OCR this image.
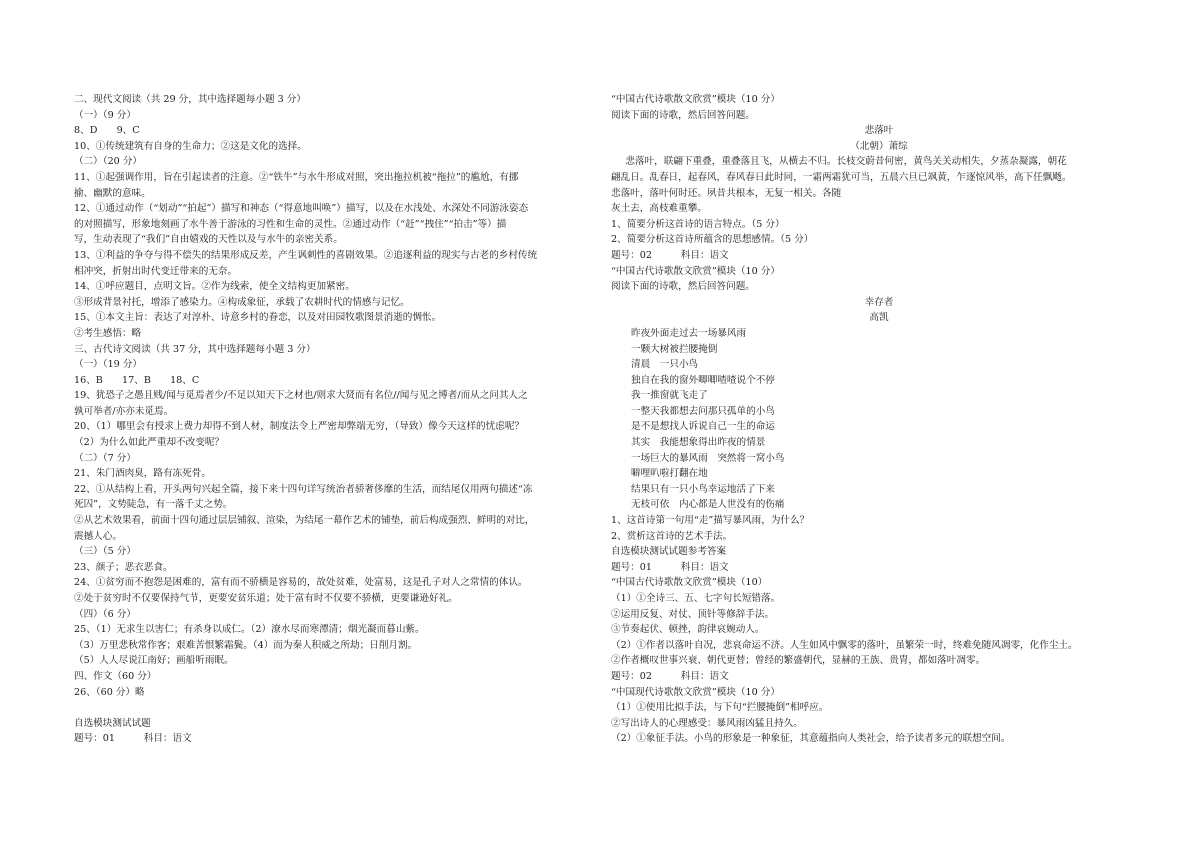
二、现代文阅读（共 29 分，其中选择题每小题 3 分）
（一）（9 分）
8、D　　9、C
10、①传统建筑有自身的生命力；②这是文化的选择。
（二）（20 分）
11、①起强调作用，旨在引起读者的注意。②“铁牛”与水牛形成对照，突出拖拉机被“拖拉”的尴尬，有挪
揄、幽默的意味。
12、①通过动作（“划动”“拍起”）描写和神态（“得意地叫唤”）描写，以及在水浅处、水深处不同游泳姿态
的对照描写，形象地刻画了水牛善于游泳的习性和生命的灵性。②通过动作（“赶”“拽住”“拍击”等）描
写，生动表现了“我们”自由嬉戏的天性以及与水牛的亲密关系。
13、①利益的争夺与得不偿失的结果形成反差，产生讽刺性的喜剧效果。②追逐利益的现实与古老的乡村传统
相冲突，折射出时代变迁带来的无奈。
14、①呼应题目，点明文旨。②作为线索，使全文结构更加紧密。
③形成背景衬托，增添了感染力。④构成象征，承载了农耕时代的情感与记忆。
15、①本文主旨：表达了对淳朴、诗意乡村的眷恋，以及对田园牧歌图景消逝的惆怅。
②考生感悟：略
三、古代诗文阅读（共 37 分，其中选择题每小题 3 分）
（一）（19 分）
16、B　　17、B　　18、C
19、犹恐子之愚且贱/闻与觅焉者少/不足以知天下之材也/则求大贤而有名位//闻与见之博者/而从之问其人之
孰可举者/亦亦未觅焉。
20、（1）哪里会有授求上费力却得不到人材，制度法令上严密却弊端无穷，（导致）像今天这样的忧虑呢？
（2）为什么如此严重却不改变呢？
（二）（7 分）
21、朱门酒肉臭，路有冻死骨。
22、①从结构上看，开头两句兴起全篇，接下来十四句详写统治者骄奢侈靡的生活，而结尾仅用两句描述“冻
死囚”，文势陡急，有一落千丈之势。
②从艺术效果看，前面十四句通过层层铺叙、渲染，为结尾一幕作艺术的铺垫，前后构成强烈、鲜明的对比，
震撼人心。
（三）（5 分）
23、颜子；恶衣恶食。
24、①贫穷而不抱怨是困难的，富有而不骄横是容易的，故处贫难，处富易，这是孔子对人之常情的体认。
②处于贫穷时不仅要保持气节，更要安贫乐道；处于富有时不仅要不骄横，更要谦逊好礼。
（四）（6 分）
25、（1）无求生以害仁；有杀身以成仁。（2）潦水尽而寒潭清；烟光凝而暮山紫。
（3）万里悲秋常作客；艰难苦恨繁霜鬓。（4）而为秦人积威之所劫；日削月割。
（5）人人尽说江南好；画船听雨眠。
四、作文（60 分）
26、（60 分）略
自选模块测试试题
题号：01　　　科目：语文
“中国古代诗歌散文欣赏”模块（10 分）
阅读下面的诗歌，然后回答问题。
悲落叶
（北朝）萧综
悲落叶，联翩下重叠，重叠落且飞，从横去不归。长枝交蔚昔何密，黄鸟关关动相失，夕蒸杂凝露，朝花
翩乱日。乱春日，起春风，春风春日此时同，一霜两霜犹可当，五晨六旦已飒黄，乍逐惊风举，高下任飘飏。
悲落叶，落叶何时还。夙昔共根本，无复一相关。各随
灰土去，高枝难重攀。
1、简要分析这首诗的语言特点。（5 分）
2、简要分析这首诗所蕴含的思想感情。（5 分）
题号：02　　　科目：语文
“中国古代诗歌散文欣赏”模块（10 分）
阅读下面的诗歌，然后回答问题。
幸存者
高凯
昨夜外面走过去一场暴风雨
一颗大树被拦腰掩倒
清晨　一只小鸟
独自在我的窗外唧唧喳喳说个不停
我一推窗就飞走了
一整天我都想去问那只孤单的小鸟
是不是想找人诉说自己一生的命运
其实　我能想象得出昨夜的情景
一场巨大的暴风雨　突然将一窝小鸟
噼哩叭啦打翻在地
结果只有一只小鸟幸运地活了下来
无枝可依　内心都是人世没有的伤痛
1、这首诗第一句用“走”描写暴风雨，为什么？
2、赏析这首诗的艺术手法。
自选模块测试试题参考答案
题号：01　　　科目：语文
“中国古代诗歌散文欣赏”模块（10）
（1）①全诗三、五、七字句长短错落。
②运用反复、对仗、顶针等修辞手法。
③节奏起伏、顿挫，韵律哀婉动人。
（2）①作者以落叶自况，悲哀命运不济。人生如风中飘零的落叶，虽繁荣一时，终难免随风凋零，化作尘土。
②作者概叹世事兴衰、朝代更替；曾经的繁盛朝代，显赫的王族、贵胄，都如落叶凋零。
题号：02　　　科目：语文
“中国现代诗歌散文欣赏”模块（10 分）
（1）①使用比拟手法，与下句“拦腰掩倒”相呼应。
②写出诗人的心理感受：暴风雨凶猛且持久。
（2）①象征手法。小鸟的形象是一种象征，其意蕴指向人类社会，给予读者多元的联想空间。
